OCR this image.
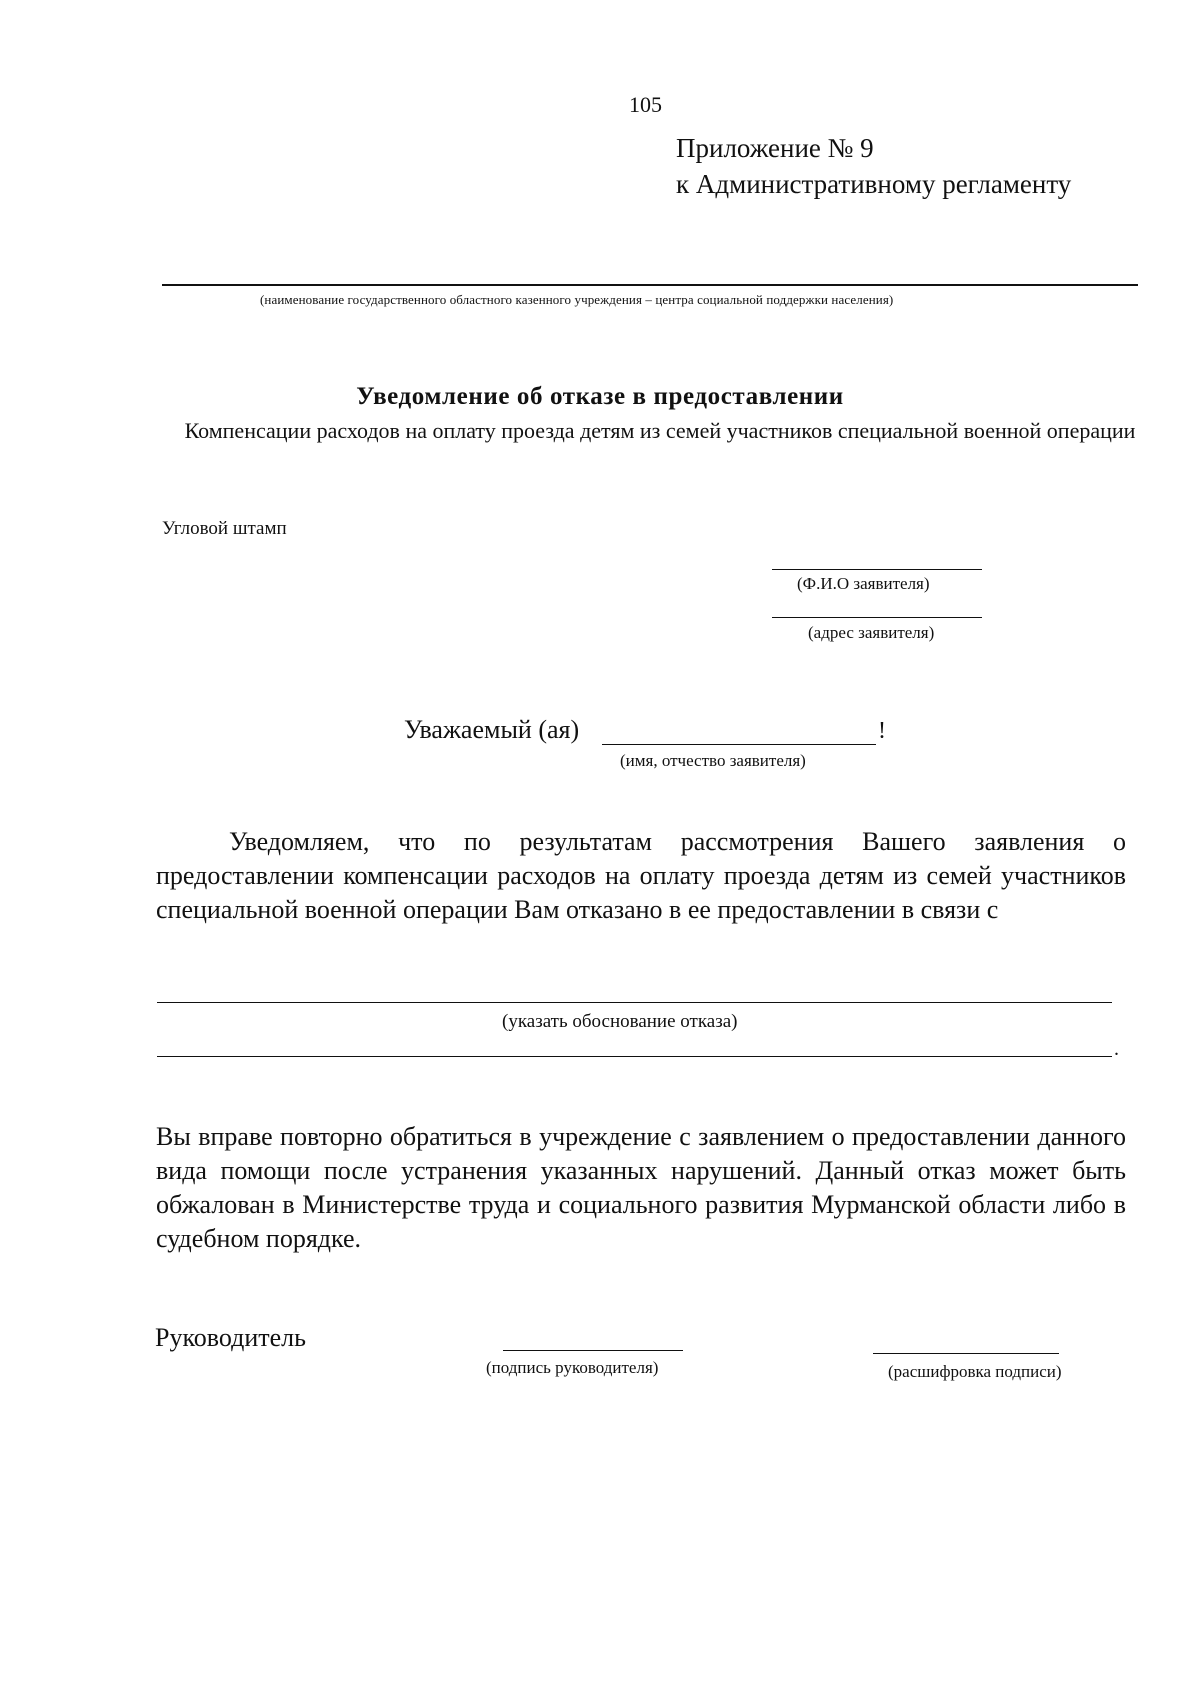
105
Приложение № 9
к Административному регламенту
(наименование государственного областного казенного учреждения – центра социальной поддержки населения)
Уведомление об отказе в предоставлении
Компенсации расходов на оплату проезда детям из семей участников специальной военной операции
Угловой штамп
(Ф.И.О заявителя)
(адрес заявителя)
Уважаемый (ая)	!
(имя, отчество заявителя)

Уведомляем, что по результатам рассмотрения Вашего заявления о предоставлении компенсации расходов на оплату проезда детям из семей участников специальной военной операции Вам отказано в ее предоставлении в связи с

(указать обоснование отказа)
.

Вы вправе повторно обратиться в учреждение с заявлением о предоставлении данного вида помощи после устранения указанных нарушений. Данный отказ может быть обжалован в Министерстве труда и социального развития Мурманской области либо в судебном порядке.

Руководитель
(подпись руководителя)	(расшифровка подписи)
